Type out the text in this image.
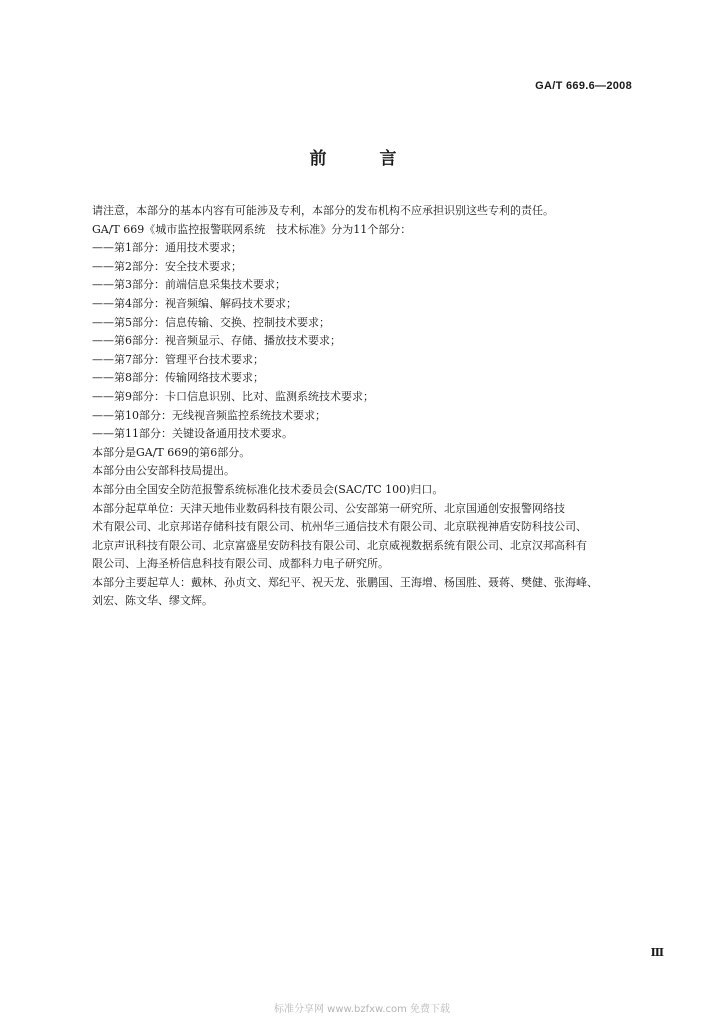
GA/T 669.6—2008
前　言
请注意，本部分的基本内容有可能涉及专利，本部分的发布机构不应承担识别这些专利的责任。
GA/T 669《城市监控报警联网系统　技术标准》分为11个部分：
——第1部分：通用技术要求；
——第2部分：安全技术要求；
——第3部分：前端信息采集技术要求；
——第4部分：视音频编、解码技术要求；
——第5部分：信息传输、交换、控制技术要求；
——第6部分：视音频显示、存储、播放技术要求；
——第7部分：管理平台技术要求；
——第8部分：传输网络技术要求；
——第9部分：卡口信息识别、比对、监测系统技术要求；
——第10部分：无线视音频监控系统技术要求；
——第11部分：关键设备通用技术要求。
本部分是GA/T 669的第6部分。
本部分由公安部科技局提出。
本部分由全国安全防范报警系统标准化技术委员会(SAC/TC 100)归口。
本部分起草单位：天津天地伟业数码科技有限公司、公安部第一研究所、北京国通创安报警网络技
术有限公司、北京邦诺存储科技有限公司、杭州华三通信技术有限公司、北京联视神盾安防科技公司、
北京声讯科技有限公司、北京富盛星安防科技有限公司、北京威视数据系统有限公司、北京汉邦高科有
限公司、上海圣桥信息科技有限公司、成都科力电子研究所。
本部分主要起草人：戴林、孙贞文、郑纪平、祝天龙、张鹏国、王海增、杨国胜、聂蒋、樊健、张海峰、
刘宏、陈文华、缪文辉。
Ⅲ
标准分享网 www.bzfxw.com 免费下载
